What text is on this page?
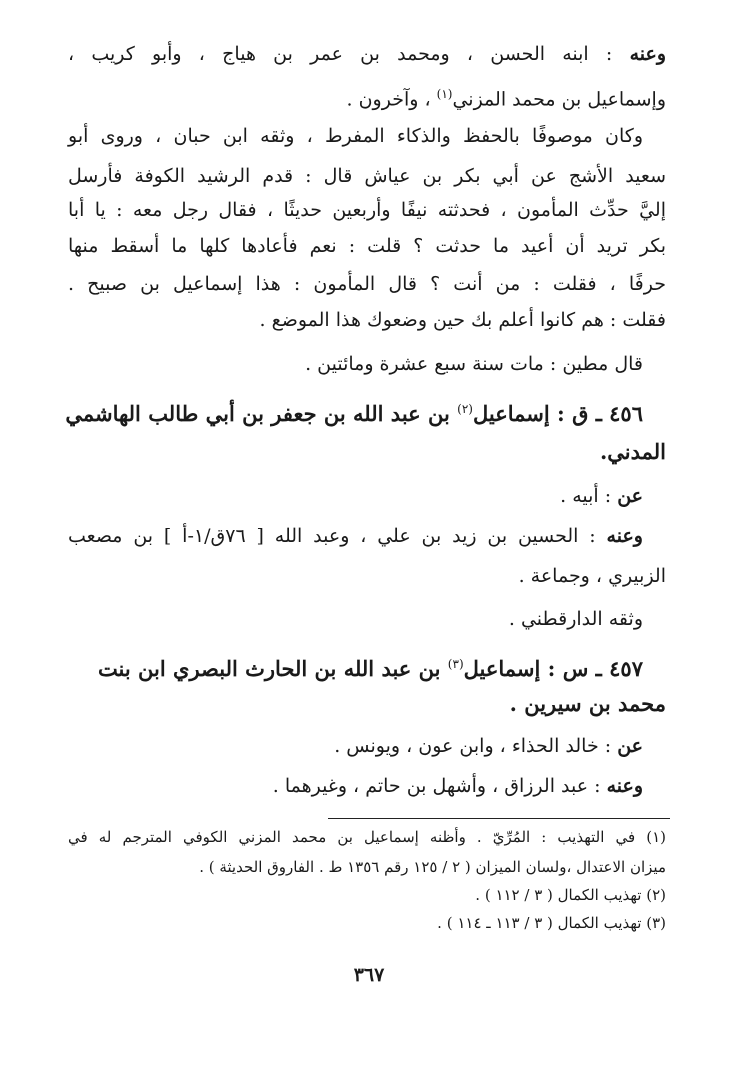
وعنه : ابنه الحسن ، ومحمد بن عمر بن هياج ، وأبو كريب ،
وإسماعيل بن محمد المزني$^{(١)}$ ، وآخرون .
وكان موصوفًا بالحفظ والذكاء المفرط ، وثقه ابن حبان ، وروى أبو
سعيد الأشج عن أبي بكر بن عياش قال : قدم الرشيد الكوفة فأرسل
إليَّ حدِّث المأمون ، فحدثته نيفًا وأربعين حديثًا ، فقال رجل معه : يا أبا
بكر تريد أن أعيد ما حدثت ؟ قلت : نعم فأعادها كلها ما أسقط منها
حرفًا ، فقلت : من أنت ؟ قال المأمون : هذا إسماعيل بن صبيح .
فقلت : هم كانوا أعلم بك حين وضعوك هذا الموضع .
قال مطين : مات سنة سبع عشرة ومائتين .
٤٥٦ ـ ق : إسماعيل$^{(٢)}$ بن عبد الله بن جعفر بن أبي طالب الهاشمي
المدني.
عن : أبيه .
وعنه : الحسين بن زيد بن علي ، وعبد الله [ ٧٦ق/١-أ ] بن مصعب
الزبيري ، وجماعة .
وثقه الدارقطني .
٤٥٧ ـ س : إسماعيل$^{(٣)}$ بن عبد الله بن الحارث البصري ابن بنت
محمد بن سيرين .
عن : خالد الحذاء ، وابن عون ، ويونس .
وعنه : عبد الرزاق ، وأشهل بن حاتم ، وغيرهما .
(١) في التهذيب : المُرِّيّ . وأظنه إسماعيل بن محمد المزني الكوفي المترجم له في
ميزان الاعتدال ،ولسان الميزان ( ٢ / ١٢٥ رقم ١٣٥٦ ط . الفاروق الحديثة ) .
(٢) تهذيب الكمال ( ٣ / ١١٢ ) .
(٣) تهذيب الكمال ( ٣ / ١١٣ ـ ١١٤ ) .
٣٦٧
